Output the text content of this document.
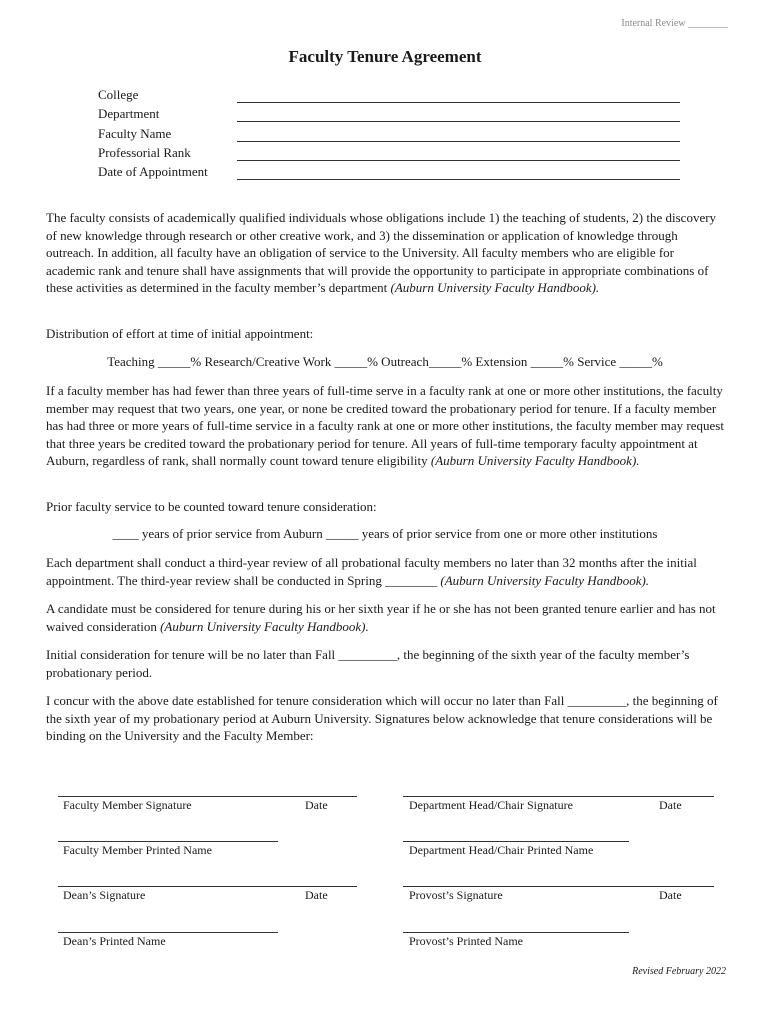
Internal Review ________
Faculty Tenure Agreement
College
Department
Faculty Name
Professorial Rank
Date of Appointment

The faculty consists of academically qualified individuals whose obligations include 1) the teaching of students, 2) the discovery of new knowledge through research or other creative work, and 3) the dissemination or application of knowledge through outreach. In addition, all faculty have an obligation of service to the University. All faculty members who are eligible for academic rank and tenure shall have assignments that will provide the opportunity to participate in appropriate combinations of these activities as determined in the faculty member’s department (Auburn University Faculty Handbook).

Distribution of effort at time of initial appointment:

Teaching _____% Research/Creative Work _____% Outreach_____% Extension _____% Service _____%

If a faculty member has had fewer than three years of full-time serve in a faculty rank at one or more other institutions, the faculty member may request that two years, one year, or none be credited toward the probationary period for tenure. If a faculty member has had three or more years of full-time service in a faculty rank at one or more other institutions, the faculty member may request that three years be credited toward the probationary period for tenure. All years of full-time temporary faculty appointment at Auburn, regardless of rank, shall normally count toward tenure eligibility (Auburn University Faculty Handbook).

Prior faculty service to be counted toward tenure consideration:

____ years of prior service from Auburn _____ years of prior service from one or more other institutions

Each department shall conduct a third-year review of all probational faculty members no later than 32 months after the initial appointment. The third-year review shall be conducted in Spring ________ (Auburn University Faculty Handbook).

A candidate must be considered for tenure during his or her sixth year if he or she has not been granted tenure earlier and has not waived consideration (Auburn University Faculty Handbook).

Initial consideration for tenure will be no later than Fall _________, the beginning of the sixth year of the faculty member’s probationary period.

I concur with the above date established for tenure consideration which will occur no later than Fall _________, the beginning of the sixth year of my probationary period at Auburn University. Signatures below acknowledge that tenure considerations will be binding on the University and the Faculty Member:

Faculty Member Signature	Date	Department Head/Chair Signature	Date
Faculty Member Printed Name	Department Head/Chair Printed Name
Dean’s Signature	Date	Provost’s Signature	Date
Dean’s Printed Name	Provost’s Printed Name
Revised February 2022
